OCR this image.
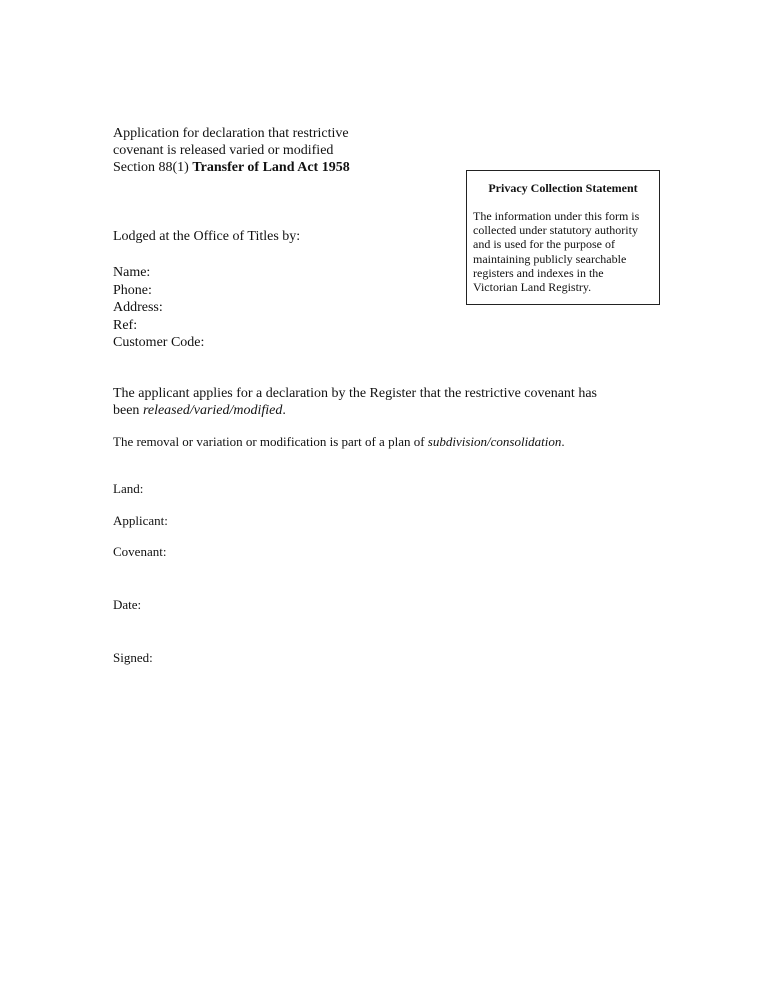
Application for declaration that restrictive
covenant is released varied or modified
Section 88(1) Transfer of Land Act 1958
Privacy Collection Statement
The information under this form is
collected under statutory authority
and is used for the purpose of
maintaining publicly searchable
registers and indexes in the
Victorian Land Registry.
Lodged at the Office of Titles by:
Name:
Phone:
Address:
Ref:
Customer Code:
The applicant applies for a declaration by the Register that the restrictive covenant has
been released/varied/modified.
The removal or variation or modification is part of a plan of subdivision/consolidation.
Land:
Applicant:
Covenant:
Date:
Signed:
